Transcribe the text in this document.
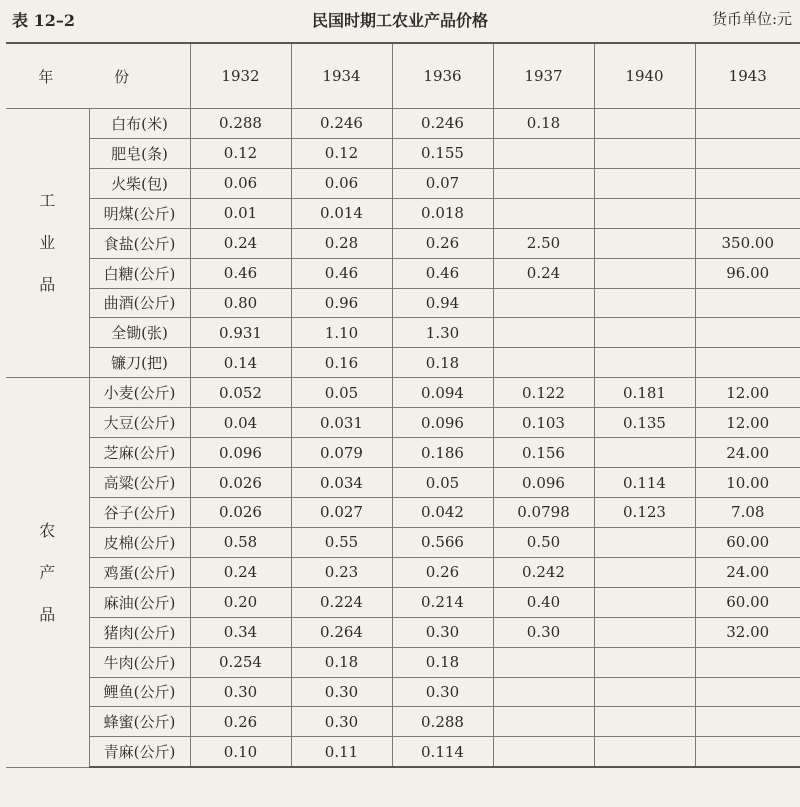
表 12–2	民国时期工农业产品价格	货币单位:元
年 份		1932	1934	1936	1937	1940	1943

工
业
品	白布(米)	0.288	0.246	0.246	0.18		
	肥皂(条)	0.12	0.12	0.155			
	火柴(包)	0.06	0.06	0.07			
	明煤(公斤)	0.01	0.014	0.018			
	食盐(公斤)	0.24	0.28	0.26	2.50		350.00
	白糖(公斤)	0.46	0.46	0.46	0.24		96.00
	曲酒(公斤)	0.80	0.96	0.94			
	全锄(张)	0.931	1.10	1.30			
	镰刀(把)	0.14	0.16	0.18			

农
产
品	小麦(公斤)	0.052	0.05	0.094	0.122	0.181	12.00
	大豆(公斤)	0.04	0.031	0.096	0.103	0.135	12.00
	芝麻(公斤)	0.096	0.079	0.186	0.156		24.00
	高粱(公斤)	0.026	0.034	0.05	0.096	0.114	10.00
	谷子(公斤)	0.026	0.027	0.042	0.0798	0.123	7.08
	皮棉(公斤)	0.58	0.55	0.566	0.50		60.00
	鸡蛋(公斤)	0.24	0.23	0.26	0.242		24.00
	麻油(公斤)	0.20	0.224	0.214	0.40		60.00
	猪肉(公斤)	0.34	0.264	0.30	0.30		32.00
	牛肉(公斤)	0.254	0.18	0.18			
	鲤鱼(公斤)	0.30	0.30	0.30			
	蜂蜜(公斤)	0.26	0.30	0.288			
	青麻(公斤)	0.10	0.11	0.114			
